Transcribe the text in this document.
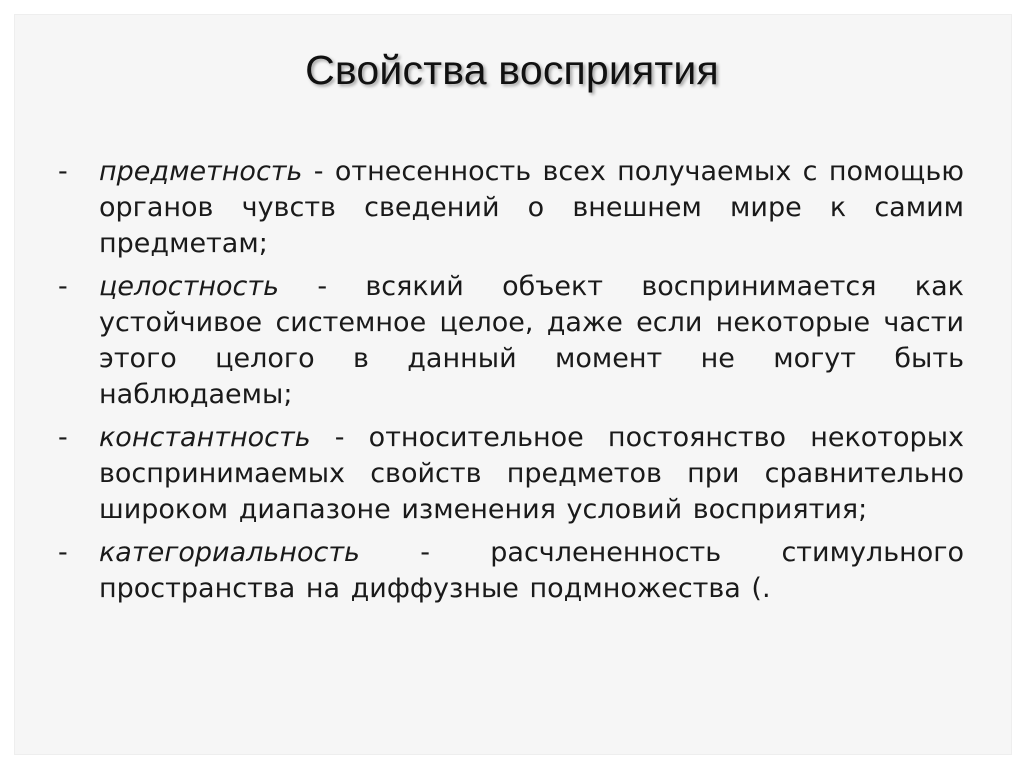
Свойства восприятия
-	предметность - отнесенность всех получаемых с помощью органов чувств сведений о внешнем мире к самим предметам;

-	целостность - всякий объект воспринимается как устойчивое системное целое, даже если некоторые части этого целого в данный момент не могут быть наблюдаемы;

-	константность - относительное постоянство некоторых воспринимаемых свойств предметов при сравнительно широком диапазоне изменения условий восприятия;

-	категориальность - расчлененность стимульного пространства на диффузные подмножества (.
